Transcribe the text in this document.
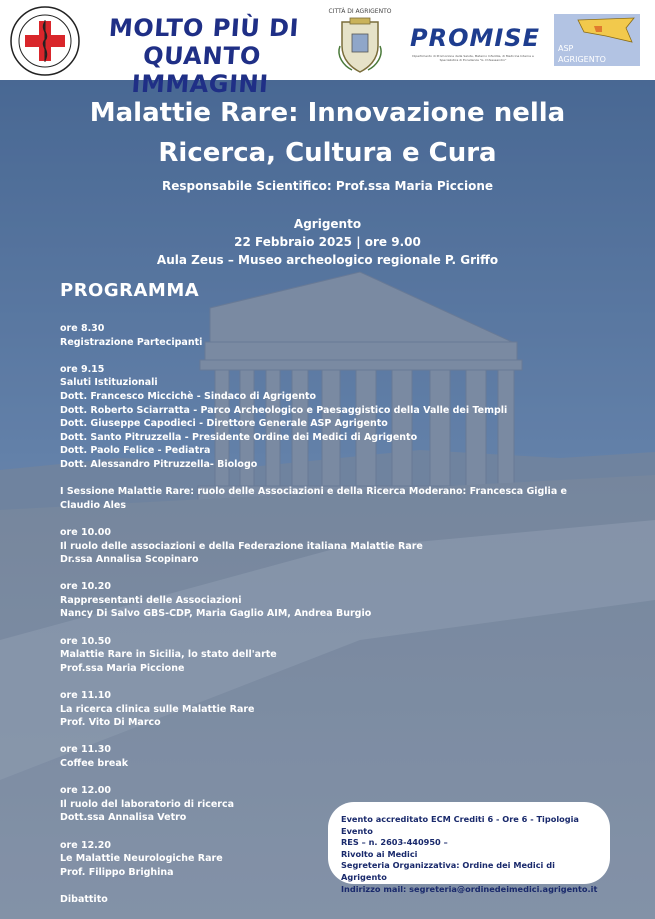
MOLTO PIÙ DI
QUANTO IMMAGINI
CITTÀ DI AGRIGENTO
PROMISE
Dipartimento di Promozione della Salute, Materno Infantile, di Medicina Interna e Specialistica di Eccellenza "G. D'Alessandro"
ASP
AGRIGENTO
Malattie Rare: Innovazione nella
Ricerca, Cultura e Cura
Responsabile Scientifico: Prof.ssa Maria Piccione
Agrigento
22 Febbraio 2025 | ore 9.00
Aula Zeus – Museo archeologico regionale P. Griffo
PROGRAMMA
ore 8.30
Registrazione Partecipanti
ore 9.15
Saluti Istituzionali
Dott. Francesco Miccichè - Sindaco di Agrigento
Dott. Roberto Sciarratta - Parco Archeologico e Paesaggistico della Valle dei Templi
Dott. Giuseppe Capodieci - Direttore Generale ASP Agrigento
Dott. Santo Pitruzzella - Presidente Ordine dei Medici di Agrigento
Dott. Paolo Felice - Pediatra
Dott. Alessandro Pitruzzella- Biologo
I Sessione Malattie Rare: ruolo delle Associazioni e della Ricerca Moderano: Francesca Giglia e Claudio Ales
ore 10.00
Il ruolo delle associazioni e della Federazione italiana Malattie Rare
Dr.ssa Annalisa Scopinaro
ore 10.20
Rappresentanti delle Associazioni
Nancy Di Salvo GBS-CDP, Maria Gaglio AIM, Andrea Burgio
ore 10.50
Malattie Rare in Sicilia, lo stato dell'arte
Prof.ssa Maria Piccione
ore 11.10
La ricerca clinica sulle Malattie Rare
Prof. Vito Di Marco
ore 11.30
Coffee break
ore 12.00
Il ruolo del laboratorio di ricerca
Dott.ssa Annalisa Vetro
ore 12.20
Le Malattie Neurologiche Rare
Prof. Filippo Brighina
Dibattito
Evento accreditato ECM Crediti 6 - Ore 6 - Tipologia Evento
RES – n. 2603-440950 –
Rivolto ai Medici
Segreteria Organizzativa: Ordine dei Medici di Agrigento
Indirizzo mail: segreteria@ordinedeimedici.agrigento.it
